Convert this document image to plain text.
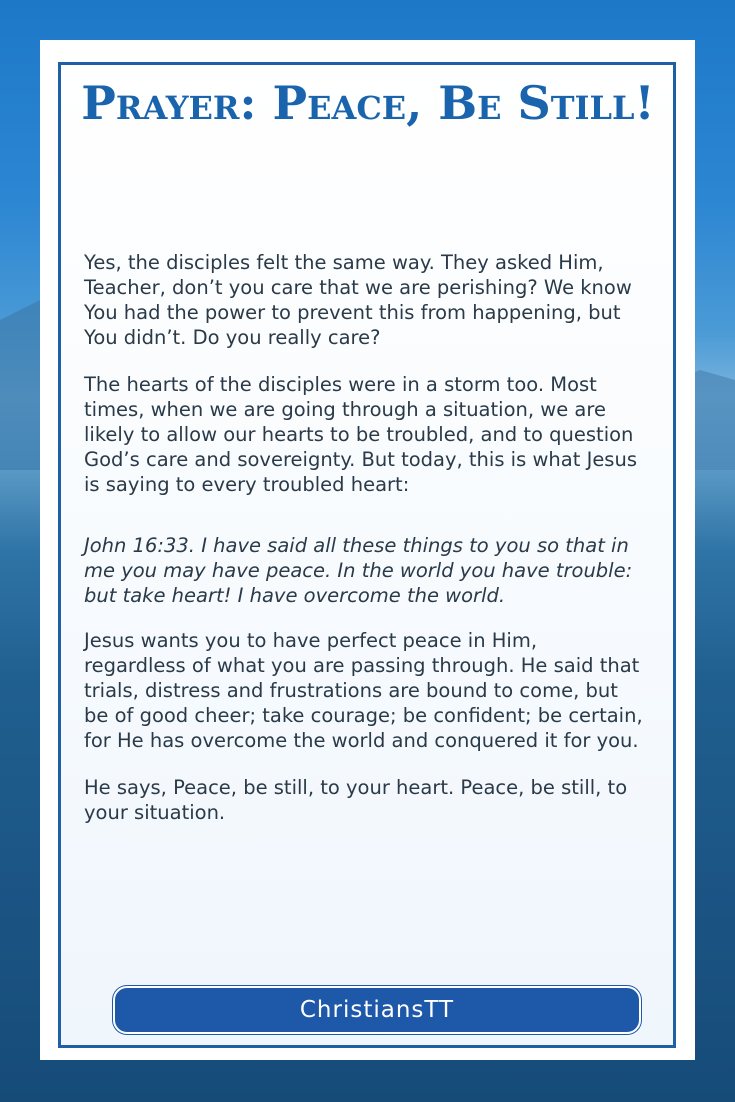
Prayer: Peace, Be Still!

Yes, the disciples felt the same way. They asked Him, Teacher, don’t you care that we are perishing? We know You had the power to prevent this from happening, but You didn’t. Do you really care?

The hearts of the disciples were in a storm too. Most times, when we are going through a situation, we are likely to allow our hearts to be troubled, and to question God’s care and sovereignty. But today, this is what Jesus is saying to every troubled heart:

John 16:33. I have said all these things to you so that in me you may have peace. In the world you have trouble: but take heart! I have overcome the world.

Jesus wants you to have perfect peace in Him, regardless of what you are passing through. He said that trials, distress and frustrations are bound to come, but be of good cheer; take courage; be confident; be certain, for He has overcome the world and conquered it for you.

He says, Peace, be still, to your heart. Peace, be still, to your situation.

ChristiansTT
